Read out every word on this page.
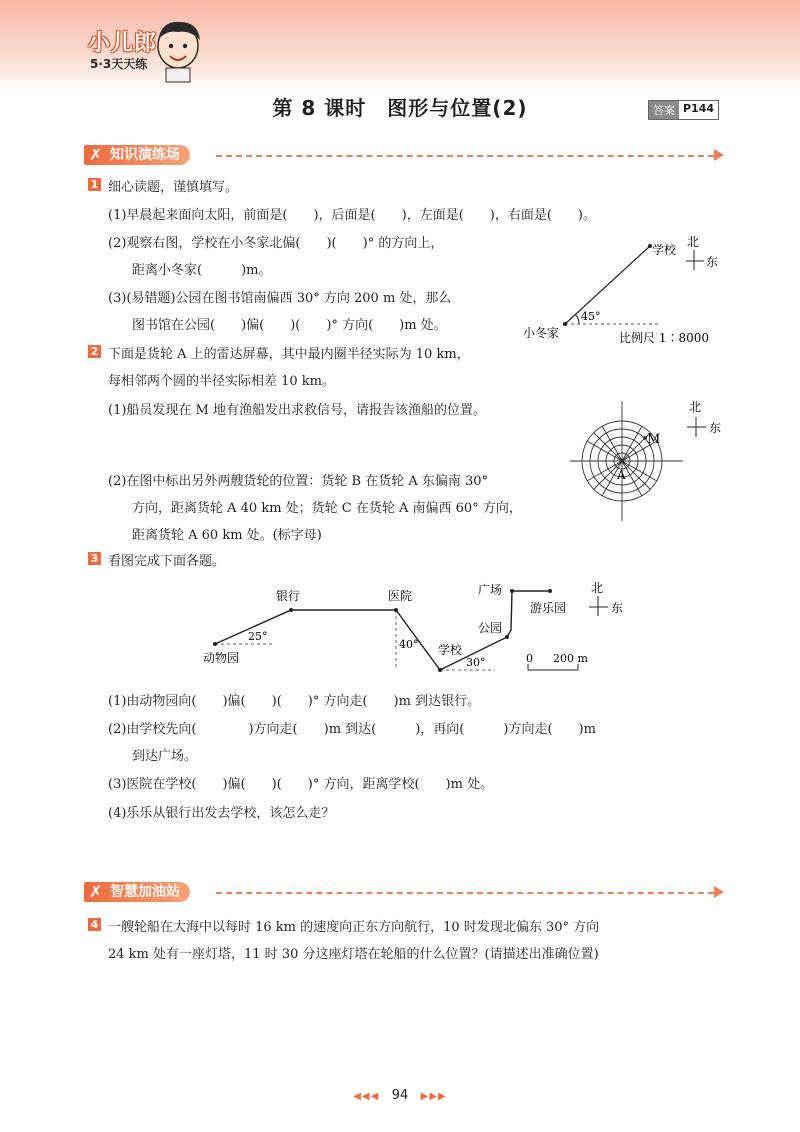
小儿郎
5·3天天练
第 8 课时　图形与位置(2)	答案 P144
✗ 知识演练场
1 细心读题，谨慎填写。
(1)早晨起来面向太阳，前面是(　　)，后面是(　　)，左面是(　　)，右面是(　　)。
(2)观察右图，学校在小冬家北偏(　　)(　　)° 的方向上，
距离小冬家(　　　)m。
(3)(易错题)公园在图书馆南偏西 30° 方向 200 m 处，那么
图书馆在公园(　　)偏(　　)(　　)° 方向(　　)m 处。
学校
45°
小冬家	比例尺 1∶8000
北
东
2 下面是货轮 A 上的雷达屏幕，其中最内圈半径实际为 10 km，
每相邻两个圆的半径实际相差 10 km。
(1)船员发现在 M 地有渔船发出求救信号，请报告该渔船的位置。
(2)在图中标出另外两艘货轮的位置：货轮 B 在货轮 A 东偏南 30°
方向，距离货轮 A 40 km 处；货轮 C 在货轮 A 南偏西 60° 方向，
距离货轮 A 60 km 处。(标字母)
A
M
北
东
3 看图完成下面各题。
银行	医院	广场
游乐园
公园
学校
动物园
25°
40°
30°	0 200 m
北
东
(1)由动物园向(　　)偏(　　)(　　)° 方向走(　　)m 到达银行。
(2)由学校先向(　　　　)方向走(　　)m 到达(　　　)，再向(　　　)方向走(　　)m
到达广场。
(3)医院在学校(　　)偏(　　)(　　)° 方向，距离学校(　　)m 处。
(4)乐乐从银行出发去学校，该怎么走？
✗ 智慧加油站
4 一艘轮船在大海中以每时 16 km 的速度向正东方向航行，10 时发现北偏东 30° 方向
24 km 处有一座灯塔，11 时 30 分这座灯塔在轮船的什么位置？(请描述出准确位置)
◀◀◀ 94 ▶▶▶
